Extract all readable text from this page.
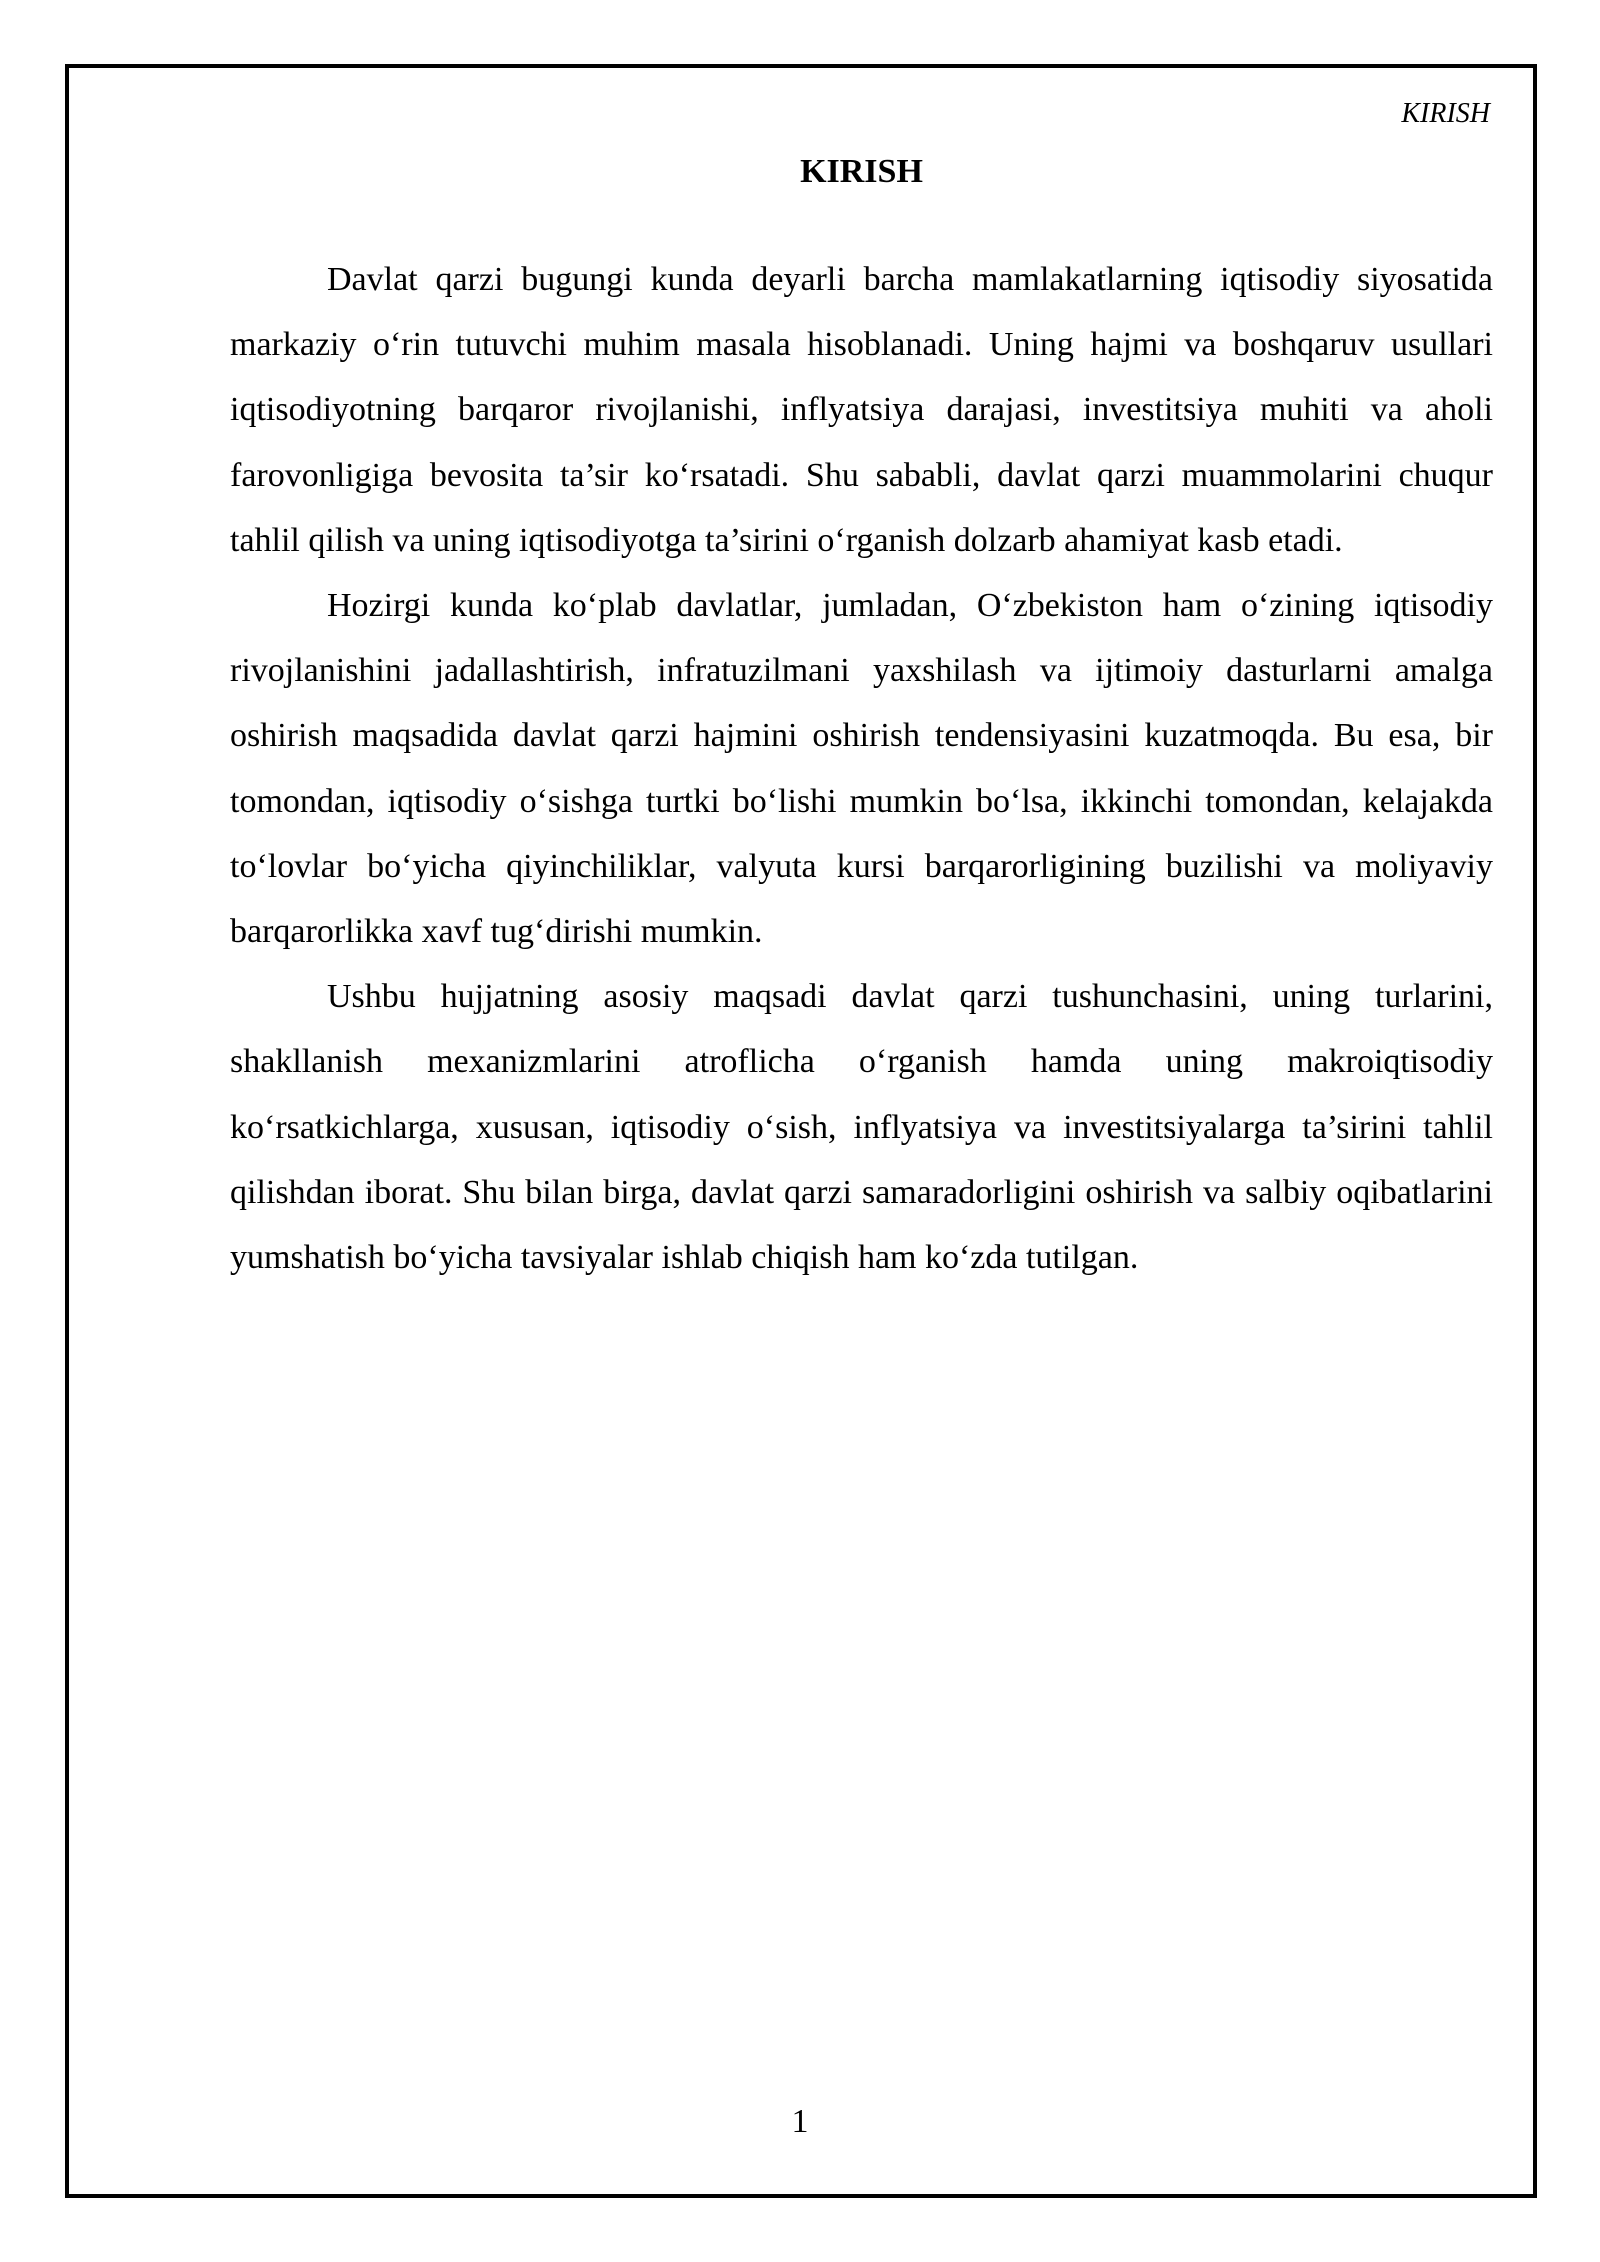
KIRISH
KIRISH

Davlat qarzi bugungi kunda deyarli barcha mamlakatlarning iqtisodiy siyosatida markaziy o‘rin tutuvchi muhim masala hisoblanadi. Uning hajmi va boshqaruv usullari iqtisodiyotning barqaror rivojlanishi, inflyatsiya darajasi, investitsiya muhiti va aholi farovonligiga bevosita ta’sir ko‘rsatadi. Shu sababli, davlat qarzi muammolarini chuqur tahlil qilish va uning iqtisodiyotga ta’sirini o‘rganish dolzarb ahamiyat kasb etadi.

Hozirgi kunda ko‘plab davlatlar, jumladan, O‘zbekiston ham o‘zining iqtisodiy rivojlanishini jadallashtirish, infratuzilmani yaxshilash va ijtimoiy dasturlarni amalga oshirish maqsadida davlat qarzi hajmini oshirish tendensiyasini kuzatmoqda. Bu esa, bir tomondan, iqtisodiy o‘sishga turtki bo‘lishi mumkin bo‘lsa, ikkinchi tomondan, kelajakda to‘lovlar bo‘yicha qiyinchiliklar, valyuta kursi barqarorligining buzilishi va moliyaviy barqarorlikka xavf tug‘dirishi mumkin.

Ushbu hujjatning asosiy maqsadi davlat qarzi tushunchasini, uning turlarini, shakllanish mexanizmlarini atroflicha o‘rganish hamda uning makroiqtisodiy ko‘rsatkichlarga, xususan, iqtisodiy o‘sish, inflyatsiya va investitsiyalarga ta’sirini tahlil qilishdan iborat. Shu bilan birga, davlat qarzi samaradorligini oshirish va salbiy oqibatlarini yumshatish bo‘yicha tavsiyalar ishlab chiqish ham ko‘zda tutilgan.

1
